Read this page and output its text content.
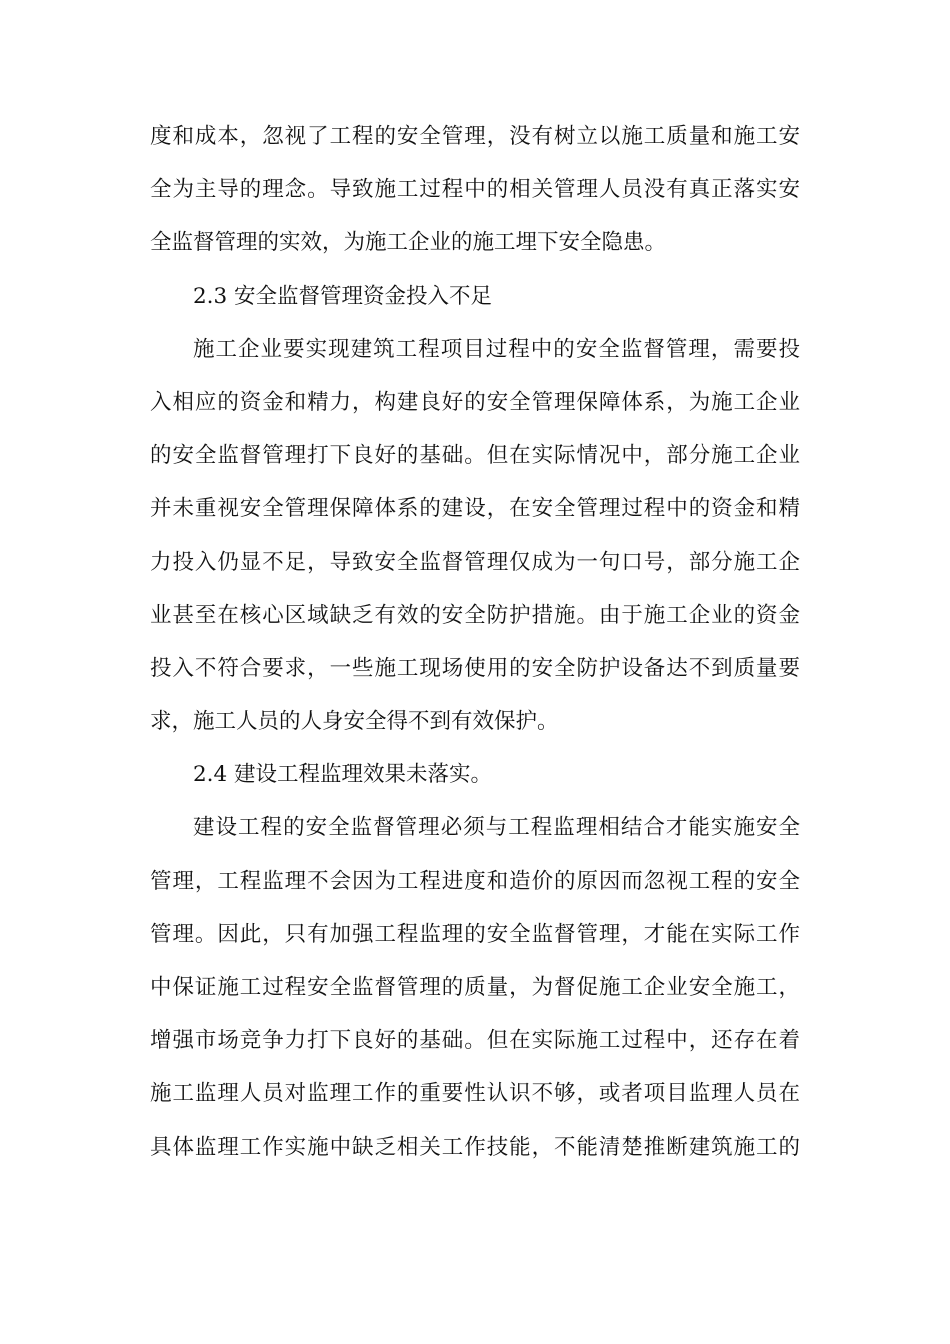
度和成本，忽视了工程的安全管理，没有树立以施工质量和施工安
全为主导的理念。导致施工过程中的相关管理人员没有真正落实安
全监督管理的实效，为施工企业的施工埋下安全隐患。
2.3 安全监督管理资金投入不足
施工企业要实现建筑工程项目过程中的安全监督管理，需要投
入相应的资金和精力，构建良好的安全管理保障体系，为施工企业
的安全监督管理打下良好的基础。但在实际情况中，部分施工企业
并未重视安全管理保障体系的建设，在安全管理过程中的资金和精
力投入仍显不足，导致安全监督管理仅成为一句口号，部分施工企
业甚至在核心区域缺乏有效的安全防护措施。由于施工企业的资金
投入不符合要求，一些施工现场使用的安全防护设备达不到质量要
求，施工人员的人身安全得不到有效保护。
2.4 建设工程监理效果未落实。
建设工程的安全监督管理必须与工程监理相结合才能实施安全
管理，工程监理不会因为工程进度和造价的原因而忽视工程的安全
管理。因此，只有加强工程监理的安全监督管理，才能在实际工作
中保证施工过程安全监督管理的质量，为督促施工企业安全施工，
增强市场竞争力打下良好的基础。但在实际施工过程中，还存在着
施工监理人员对监理工作的重要性认识不够，或者项目监理人员在
具体监理工作实施中缺乏相关工作技能，不能清楚推断建筑施工的
